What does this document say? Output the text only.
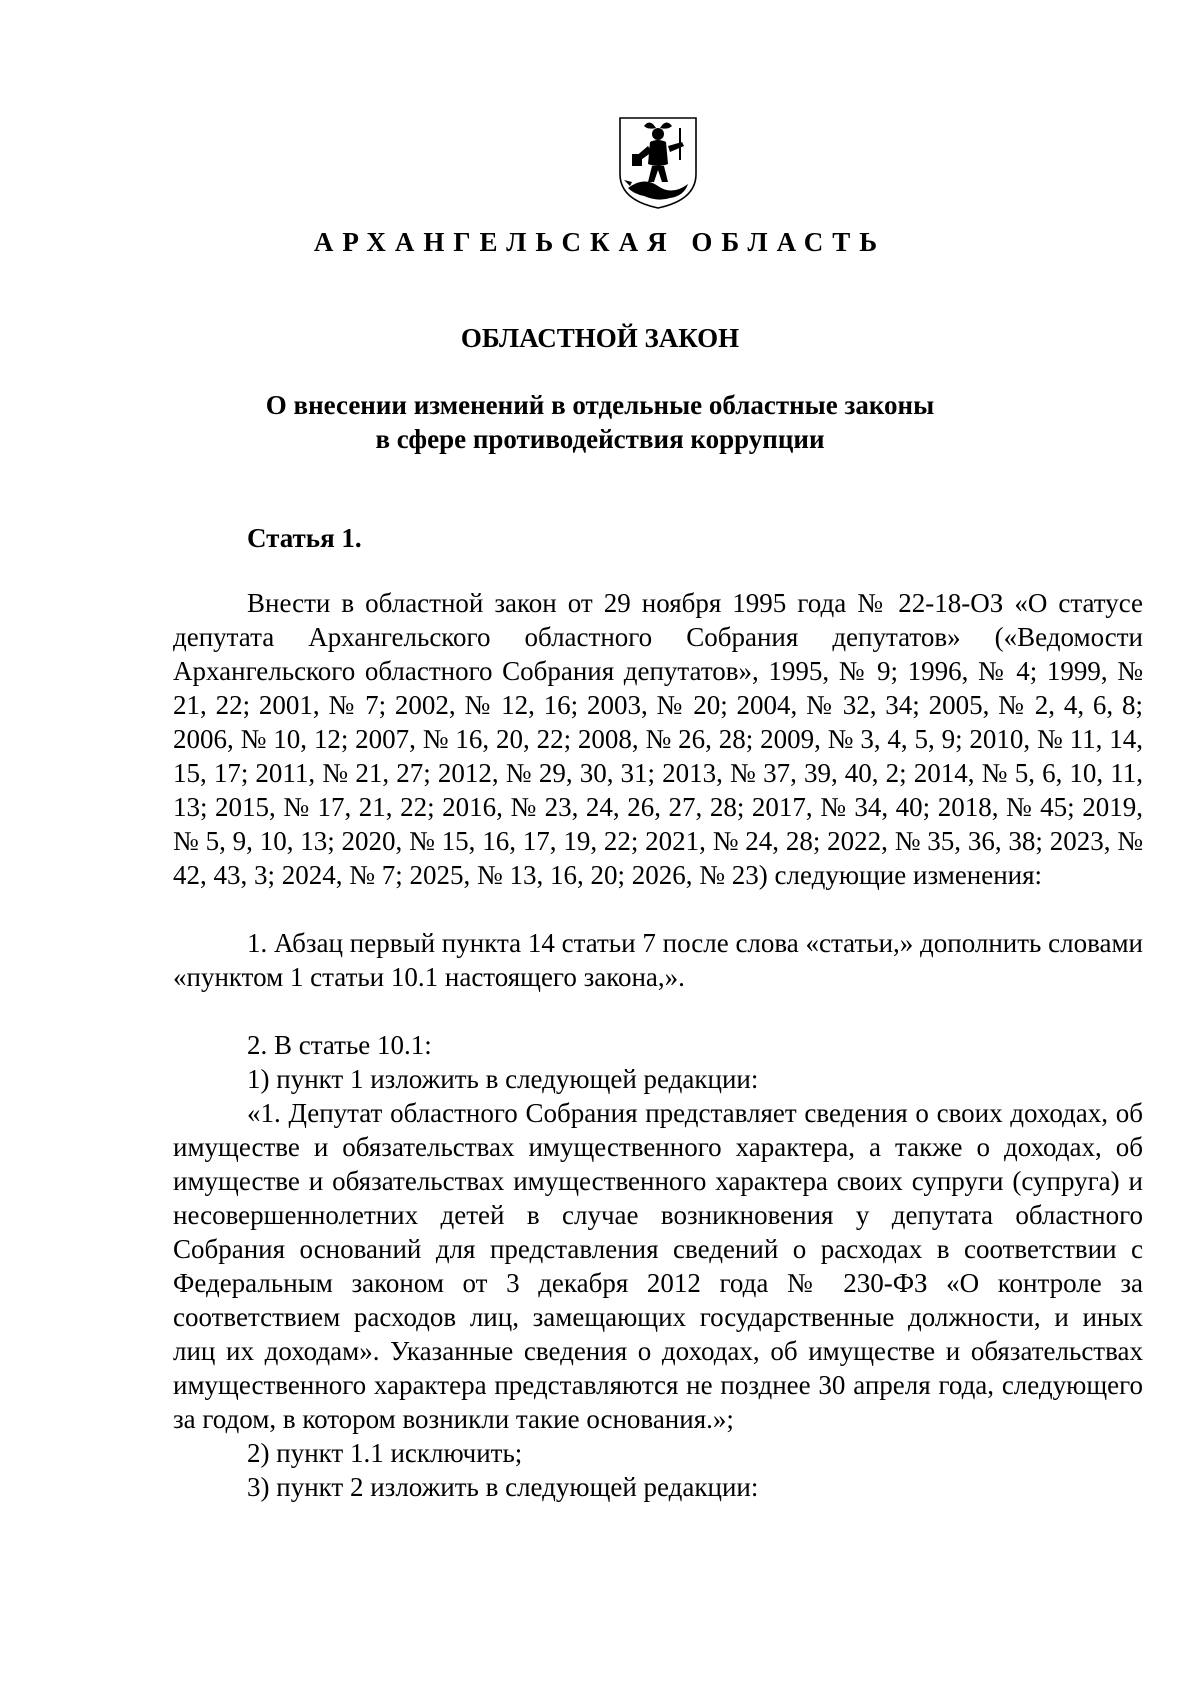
АРХАНГЕЛЬСКАЯ ОБЛАСТЬ
ОБЛАСТНОЙ ЗАКОН
О внесении изменений в отдельные областные законы
в сфере противодействия коррупции
Статья 1.

Внести в областной закон от 29 ноября 1995 года № 22-18-ОЗ «О статусе депутата Архангельского областного Собрания депутатов» («Ведомости Архангельского областного Собрания депутатов», 1995, № 9; 1996, № 4; 1999, № 21, 22; 2001, № 7; 2002, № 12, 16; 2003, № 20; 2004, № 32, 34; 2005, № 2, 4, 6, 8; 2006, № 10, 12; 2007, № 16, 20, 22; 2008, № 26, 28; 2009, № 3, 4, 5, 9; 2010, № 11, 14, 15, 17; 2011, № 21, 27; 2012, № 29, 30, 31; 2013, № 37, 39, 40, 2; 2014, № 5, 6, 10, 11, 13; 2015, № 17, 21, 22; 2016, № 23, 24, 26, 27, 28; 2017, № 34, 40; 2018, № 45; 2019, № 5, 9, 10, 13; 2020, № 15, 16, 17, 19, 22; 2021, № 24, 28; 2022, № 35, 36, 38; 2023, № 42, 43, 3; 2024, № 7; 2025, № 13, 16, 20; 2026, № 23) следующие изменения:

1. Абзац первый пункта 14 статьи 7 после слова «статьи,» дополнить словами «пунктом 1 статьи 10.1 настоящего закона,».

2. В статье 10.1:

1) пункт 1 изложить в следующей редакции:

«1. Депутат областного Собрания представляет сведения о своих доходах, об имуществе и обязательствах имущественного характера, а также о доходах, об имуществе и обязательствах имущественного характера своих супруги (супруга) и несовершеннолетних детей в случае возникновения у депутата областного Собрания оснований для представления сведений о расходах в соответствии с Федеральным законом от 3 декабря 2012 года № 230-ФЗ «О контроле за соответствием расходов лиц, замещающих государственные должности, и иных лиц их доходам». Указанные сведения о доходах, об имуществе и обязательствах имущественного характера представляются не позднее 30 апреля года, следующего за годом, в котором возникли такие основания.»;

2) пункт 1.1 исключить;

3) пункт 2 изложить в следующей редакции:
